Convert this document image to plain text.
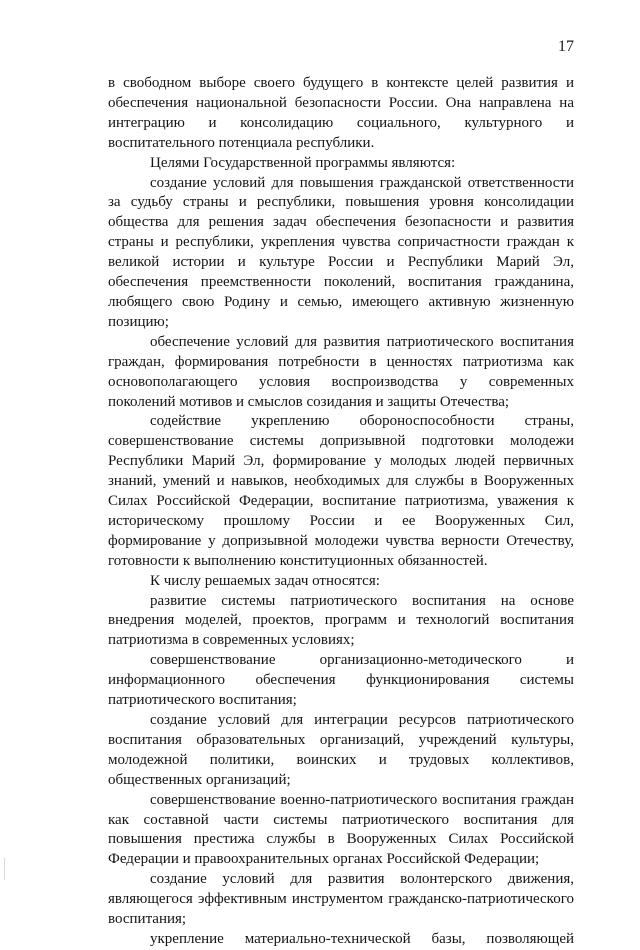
17

в свободном выборе своего будущего в контексте целей развития и обеспечения национальной безопасности России. Она направлена на интеграцию и консолидацию социального, культурного и воспитательного потенциала республики.

Целями Государственной программы являются:

создание условий для повышения гражданской ответственности за судьбу страны и республики, повышения уровня консолидации общества для решения задач обеспечения безопасности и развития страны и республики, укрепления чувства сопричастности граждан к великой истории и культуре России и Республики Марий Эл, обеспечения преемственности поколений, воспитания гражданина, любящего свою Родину и семью, имеющего активную жизненную позицию;

обеспечение условий для развития патриотического воспитания граждан, формирования потребности в ценностях патриотизма как основополагающего условия воспроизводства у современных поколений мотивов и смыслов созидания и защиты Отечества;

содействие укреплению обороноспособности страны, совершенствование системы допризывной подготовки молодежи Республики Марий Эл, формирование у молодых людей первичных знаний, умений и навыков, необходимых для службы в Вооруженных Силах Российской Федерации, воспитание патриотизма, уважения к историческому прошлому России и ее Вооруженных Сил, формирование у допризывной молодежи чувства верности Отечеству, готовности к выполнению конституционных обязанностей.

К числу решаемых задач относятся:

развитие системы патриотического воспитания на основе внедрения моделей, проектов, программ и технологий воспитания патриотизма в современных условиях;

совершенствование организационно-методического и информационного обеспечения функционирования системы патриотического воспитания;

создание условий для интеграции ресурсов патриотического воспитания образовательных организаций, учреждений культуры, молодежной политики, воинских и трудовых коллективов, общественных организаций;

совершенствование военно-патриотического воспитания граждан как составной части системы патриотического воспитания для повышения престижа службы в Вооруженных Силах Российской Федерации и правоохранительных органах Российской Федерации;

создание условий для развития волонтерского движения, являющегося эффективным инструментом гражданско-патриотического воспитания;

укрепление материально-технической базы, позволяющей
